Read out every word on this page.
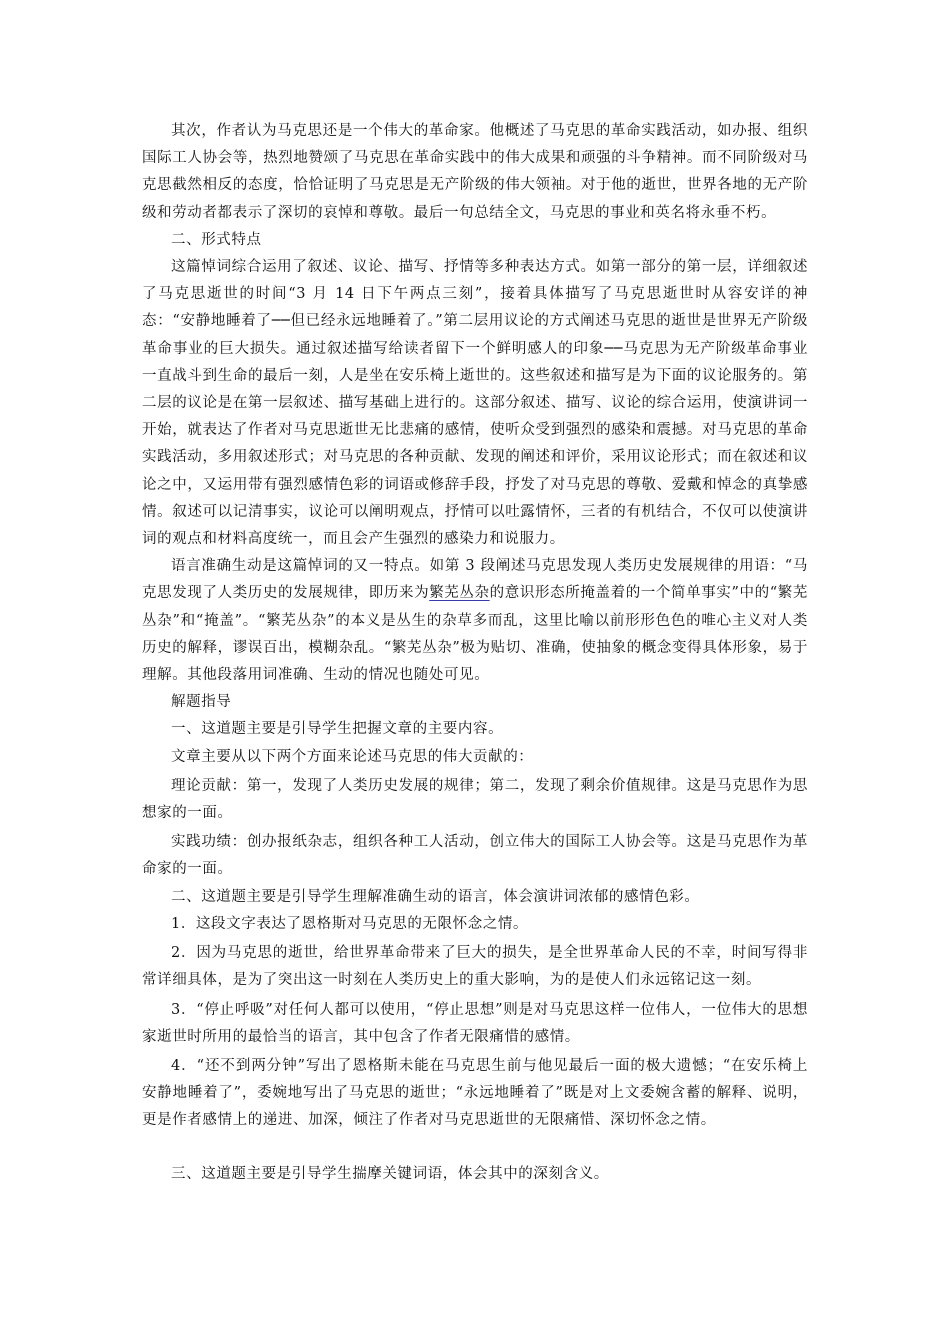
其次，作者认为马克思还是一个伟大的革命家。他概述了马克思的革命实践活动，如办报、组织国际工人协会等，热烈地赞颂了马克思在革命实践中的伟大成果和顽强的斗争精神。而不同阶级对马克思截然相反的态度，恰恰证明了马克思是无产阶级的伟大领袖。对于他的逝世，世界各地的无产阶级和劳动者都表示了深切的哀悼和尊敬。最后一句总结全文，马克思的事业和英名将永垂不朽。

二、形式特点

这篇悼词综合运用了叙述、议论、描写、抒情等多种表达方式。如第一部分的第一层，详细叙述了马克思逝世的时间“3 月 14 日下午两点三刻”，接着具体描写了马克思逝世时从容安详的神态：“安静地睡着了──但已经永远地睡着了。”第二层用议论的方式阐述马克思的逝世是世界无产阶级革命事业的巨大损失。通过叙述描写给读者留下一个鲜明感人的印象──马克思为无产阶级革命事业一直战斗到生命的最后一刻，人是坐在安乐椅上逝世的。这些叙述和描写是为下面的议论服务的。第二层的议论是在第一层叙述、描写基础上进行的。这部分叙述、描写、议论的综合运用，使演讲词一开始，就表达了作者对马克思逝世无比悲痛的感情，使听众受到强烈的感染和震撼。对马克思的革命实践活动，多用叙述形式；对马克思的各种贡献、发现的阐述和评价，采用议论形式；而在叙述和议论之中，又运用带有强烈感情色彩的词语或修辞手段，抒发了对马克思的尊敬、爱戴和悼念的真挚感情。叙述可以记清事实，议论可以阐明观点，抒情可以吐露情怀，三者的有机结合，不仅可以使演讲词的观点和材料高度统一，而且会产生强烈的感染力和说服力。

语言准确生动是这篇悼词的又一特点。如第 3 段阐述马克思发现人类历史发展规律的用语：“马克思发现了人类历史的发展规律，即历来为繁芜丛杂的意识形态所掩盖着的一个简单事实”中的“繁芜丛杂”和“掩盖”。“繁芜丛杂”的本义是丛生的杂草多而乱，这里比喻以前形形色色的唯心主义对人类历史的解释，谬误百出，模糊杂乱。“繁芜丛杂”极为贴切、准确，使抽象的概念变得具体形象，易于理解。其他段落用词准确、生动的情况也随处可见。

解题指导

一、这道题主要是引导学生把握文章的主要内容。

文章主要从以下两个方面来论述马克思的伟大贡献的：

理论贡献：第一，发现了人类历史发展的规律；第二，发现了剩余价值规律。这是马克思作为思想家的一面。

实践功绩：创办报纸杂志，组织各种工人活动，创立伟大的国际工人协会等。这是马克思作为革命家的一面。

二、这道题主要是引导学生理解准确生动的语言，体会演讲词浓郁的感情色彩。

1．这段文字表达了恩格斯对马克思的无限怀念之情。

2．因为马克思的逝世，给世界革命带来了巨大的损失，是全世界革命人民的不幸，时间写得非常详细具体，是为了突出这一时刻在人类历史上的重大影响，为的是使人们永远铭记这一刻。

3．“停止呼吸”对任何人都可以使用，“停止思想”则是对马克思这样一位伟人，一位伟大的思想家逝世时所用的最恰当的语言，其中包含了作者无限痛惜的感情。

4．“还不到两分钟”写出了恩格斯未能在马克思生前与他见最后一面的极大遗憾；“在安乐椅上安静地睡着了”，委婉地写出了马克思的逝世；“永远地睡着了”既是对上文委婉含蓄的解释、说明，更是作者感情上的递进、加深，倾注了作者对马克思逝世的无限痛惜、深切怀念之情。

三、这道题主要是引导学生揣摩关键词语，体会其中的深刻含义。
